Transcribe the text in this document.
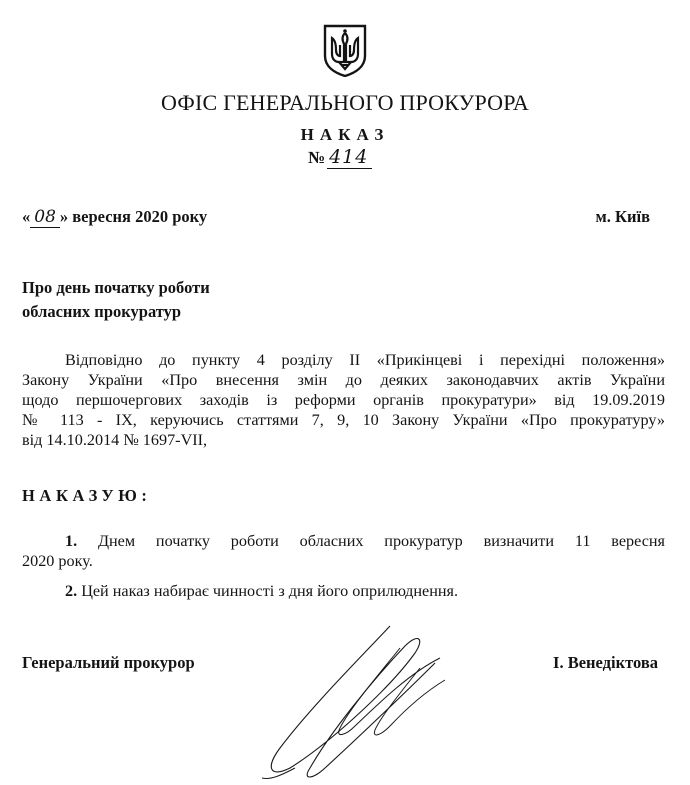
ОФІС ГЕНЕРАЛЬНОГО ПРОКУРОРА
НАКАЗ
№ 414
« 08 » вересня 2020 року	м. Київ
Про день початку роботи
обласних прокуратур
Відповідно до пункту 4 розділу ІІ «Прикінцеві і перехідні положення»
Закону України «Про внесення змін до деяких законодавчих актів України
щодо першочергових заходів із реформи органів прокуратури» від 19.09.2019
№ 113 - IX, керуючись статтями 7, 9, 10 Закону України «Про прокуратуру»
від 14.10.2014 № 1697-VII,
НАКАЗУЮ:
1. Днем початку роботи обласних прокуратур визначити 11 вересня
2020 року.
2. Цей наказ набирає чинності з дня його оприлюднення.
Генеральний прокурор	І. Венедіктова
